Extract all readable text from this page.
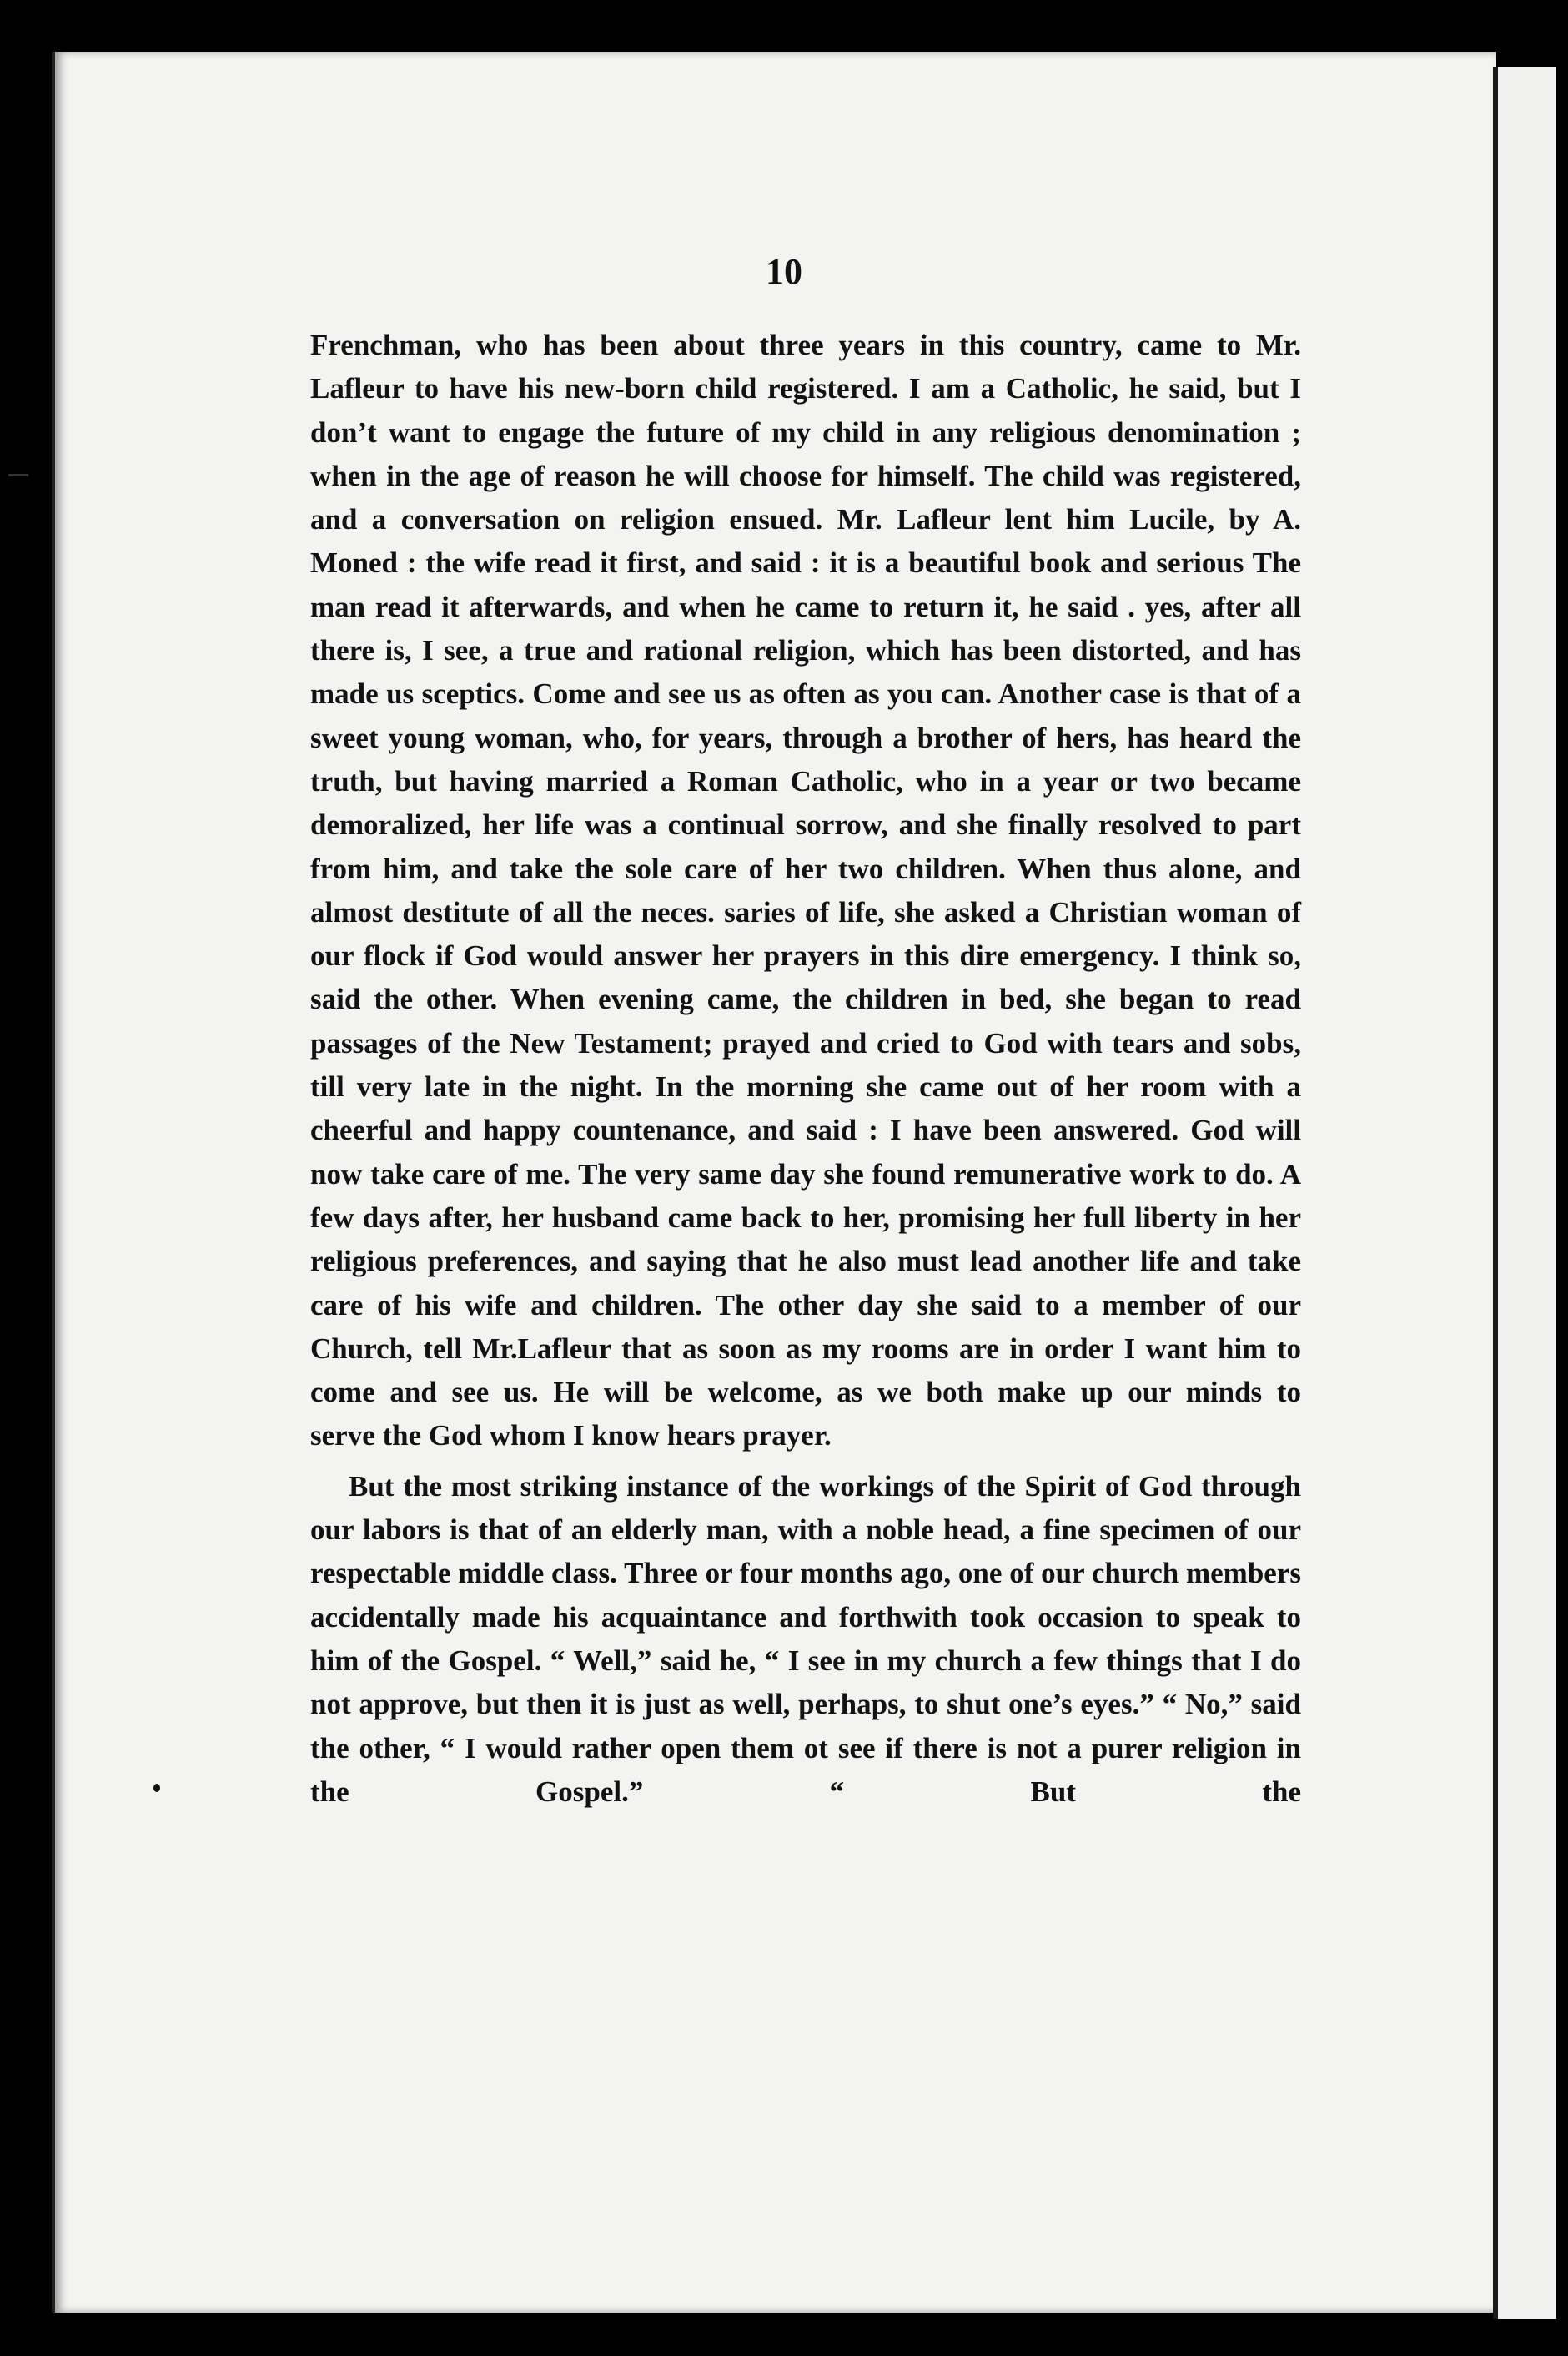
10

Frenchman, who has been about three years in this country, came to Mr. Lafleur to have his new-born child registered. I am a Catholic, he said, but I don’t want to engage the future of my child in any religious denomination ; when in the age of reason he will choose for himself. The child was registered, and a conversation on religion ensued. Mr. Lafleur lent him Lucile, by A. Moned : the wife read it first, and said : it is a beautiful book and serious The man read it afterwards, and when he came to return it, he said . yes, after all there is, I see, a true and rational religion, which has been distorted, and has made us sceptics. Come and see us as often as you can. Another case is that of a sweet young woman, who, for years, through a brother of hers, has heard the truth, but having married a Roman Catholic, who in a year or two became demoralized, her life was a continual sorrow, and she finally resolved to part from him, and take the sole care of her two children. When thus alone, and almost destitute of all the neces. saries of life, she asked a Christian woman of our flock if God would answer her prayers in this dire emergency. I think so, said the other. When evening came, the children in bed, she began to read passages of the New Testament; prayed and cried to God with tears and sobs, till very late in the night. In the morning she came out of her room with a cheerful and happy countenance, and said : I have been answered. God will now take care of me. The very same day she found remunerative work to do. A few days after, her husband came back to her, promising her full liberty in her religious preferences, and saying that he also must lead another life and take care of his wife and children. The other day she said to a member of our Church, tell Mr.Lafleur that as soon as my rooms are in order I want him to come and see us. He will be welcome, as we both make up our minds to
serve the God whom I know hears prayer.

But the most striking instance of the workings of the Spirit of God through our labors is that of an elderly man, with a noble head, a fine specimen of our respectable middle class. Three or four months ago, one of our church members accidentally made his acquaintance and forthwith took occasion to speak to him of the Gospel. “ Well,” said he, “ I see in my church a few things that I do not approve, but then it is just as well, perhaps, to shut one’s eyes.” “ No,” said the other, “ I would rather open them ot see if there is not a purer religion in the Gospel.” “ But the
